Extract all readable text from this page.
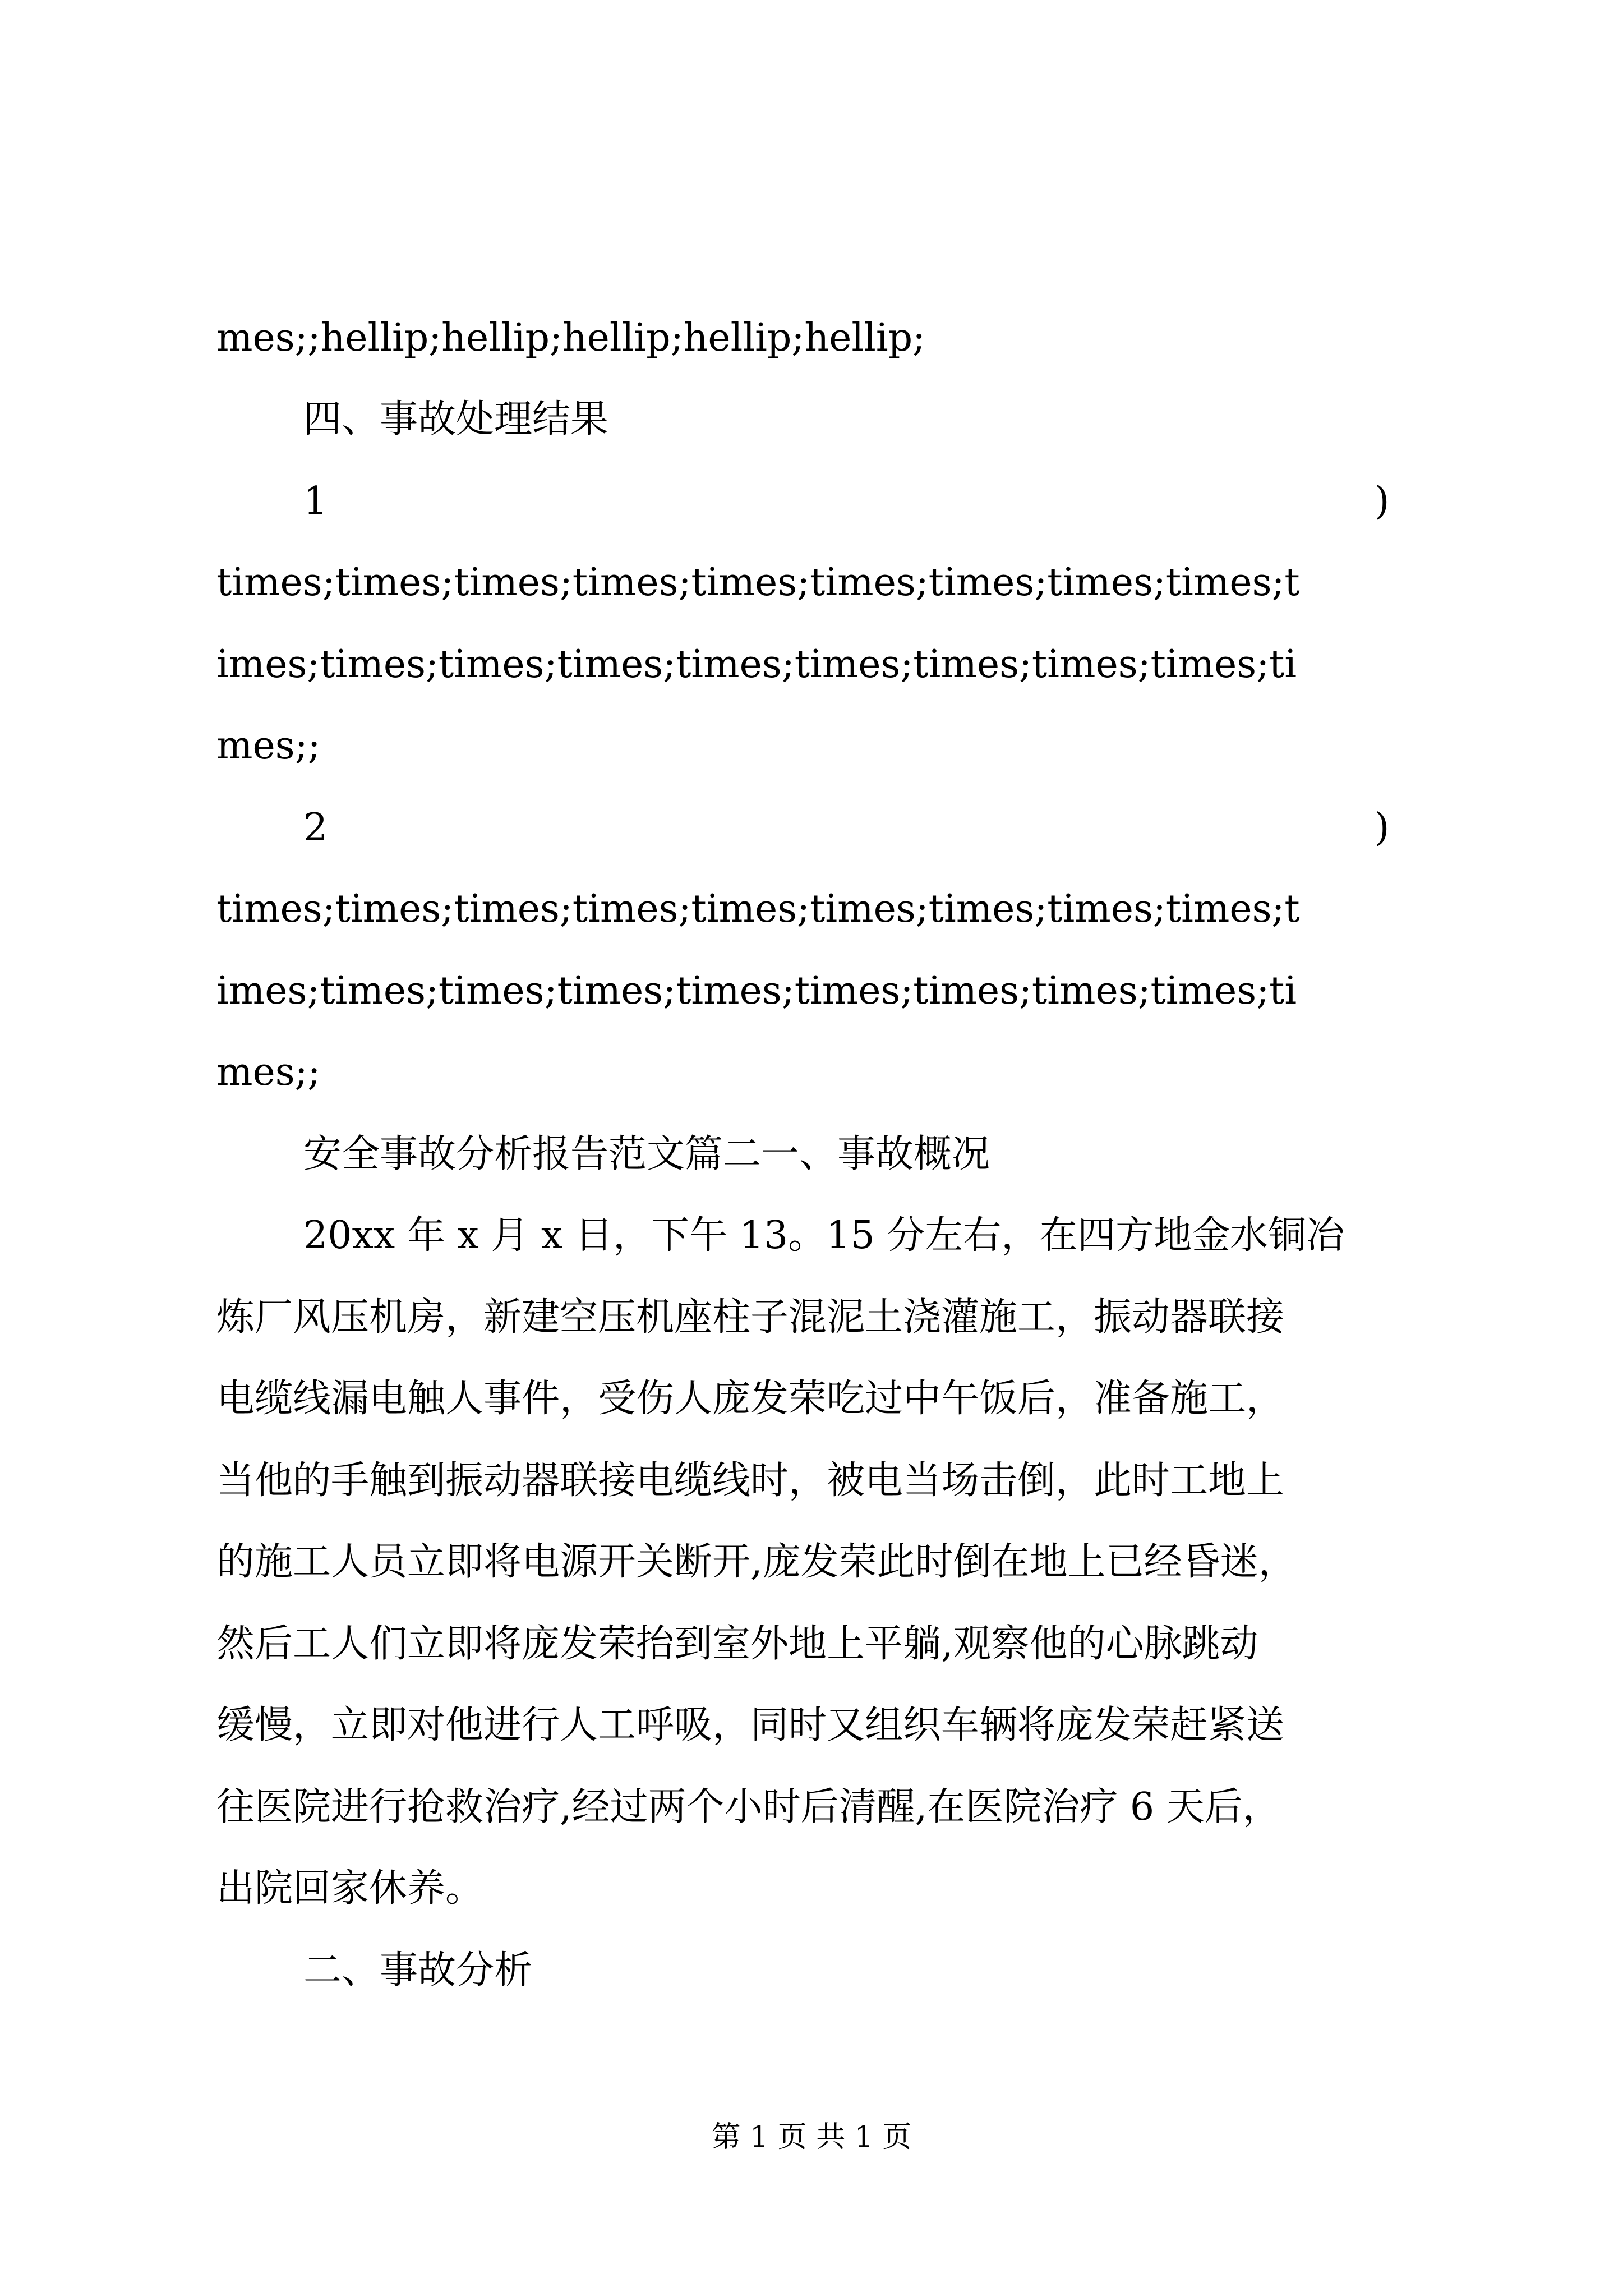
mes;;hellip;hellip;hellip;hellip;hellip;

四、事故处理结果

1

	)

times;times;times;times;times;times;times;times;times;t

imes;times;times;times;times;times;times;times;times;ti

mes;;

2

	)

times;times;times;times;times;times;times;times;times;t

imes;times;times;times;times;times;times;times;times;ti

mes;;

安全事故分析报告范文篇二一、事故概况

20xx 年 x 月 x 日，下午 13。15 分左右，在四方地金水铜冶

炼厂风压机房，新建空压机座柱子混泥土浇灌施工，振动器联接

电缆线漏电触人事件，受伤人庞发荣吃过中午饭后，准备施工，

当他的手触到振动器联接电缆线时，被电当场击倒，此时工地上

的施工人员立即将电源开关断开,庞发荣此时倒在地上已经昏迷，

然后工人们立即将庞发荣抬到室外地上平躺,观察他的心脉跳动

缓慢，立即对他进行人工呼吸，同时又组织车辆将庞发荣赶紧送

往医院进行抢救治疗,经过两个小时后清醒,在医院治疗 6 天后，

出院回家休养。

二、事故分析

第 1 页 共 1 页
